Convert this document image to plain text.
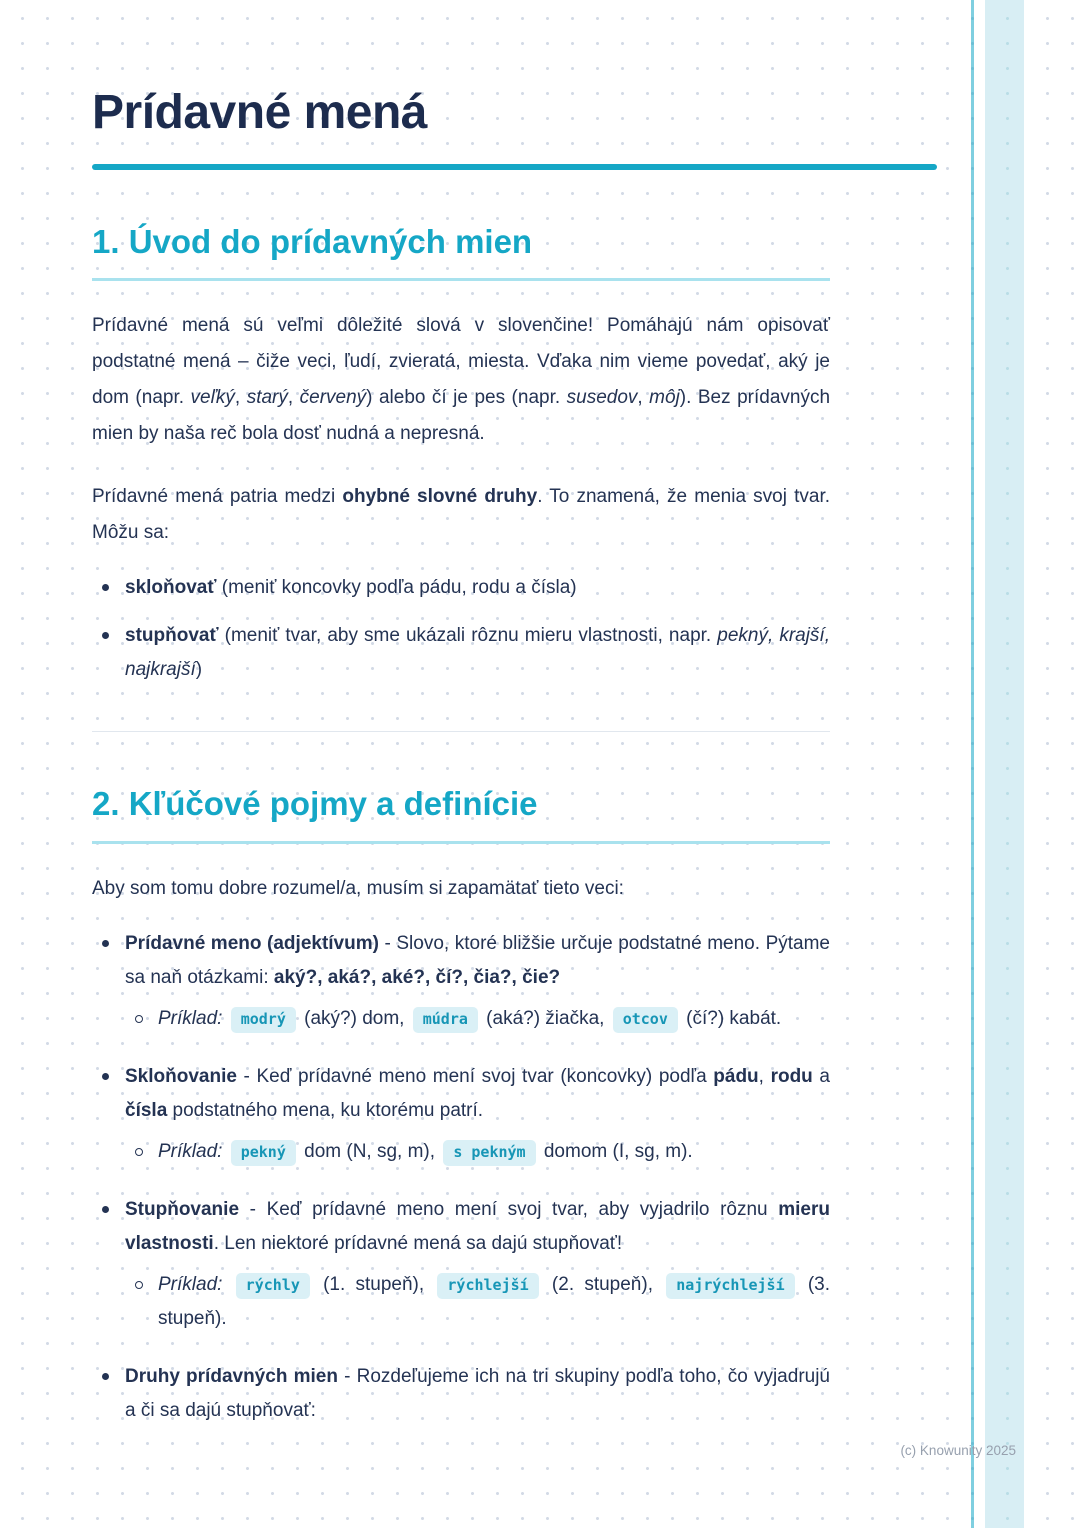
Prídavné mená
1. Úvod do prídavných mien

Prídavné mená sú veľmi dôležité slová v slovenčine! Pomáhajú nám opisovať podstatné mená – čiže veci, ľudí, zvieratá, miesta. Vďaka nim vieme povedať, aký je dom (napr. veľký, starý, červený) alebo čí je pes (napr. susedov, môj). Bez prídavných mien by naša reč bola dosť nudná a nepresná.

Prídavné mená patria medzi ohybné slovné druhy. To znamená, že menia svoj tvar. Môžu sa:

skloňovať (meniť koncovky podľa pádu, rodu a čísla)
stupňovať (meniť tvar, aby sme ukázali rôznu mieru vlastnosti, napr. pekný, krajší, najkrajší)
2. Kľúčové pojmy a definície

Aby som tomu dobre rozumel/a, musím si zapamätať tieto veci:

Prídavné meno (adjektívum) - Slovo, ktoré bližšie určuje podstatné meno. Pýtame sa naň otázkami: aký?, aká?, aké?, čí?, čia?, čie?
Príklad: modrý (aký?) dom, múdra (aká?) žiačka, otcov (čí?) kabát.
Skloňovanie - Keď prídavné meno mení svoj tvar (koncovky) podľa pádu, rodu a čísla podstatného mena, ku ktorému patrí.
Príklad: pekný dom (N, sg, m), s pekným domom (I, sg, m).
Stupňovanie - Keď prídavné meno mení svoj tvar, aby vyjadrilo rôznu mieru vlastnosti. Len niektoré prídavné mená sa dajú stupňovať!
Príklad: rýchly (1. stupeň), rýchlejší (2. stupeň), najrýchlejší (3. stupeň).
Druhy prídavných mien - Rozdeľujeme ich na tri skupiny podľa toho, čo vyjadrujú a či sa dajú stupňovať:
(c) Knowunity 2025
